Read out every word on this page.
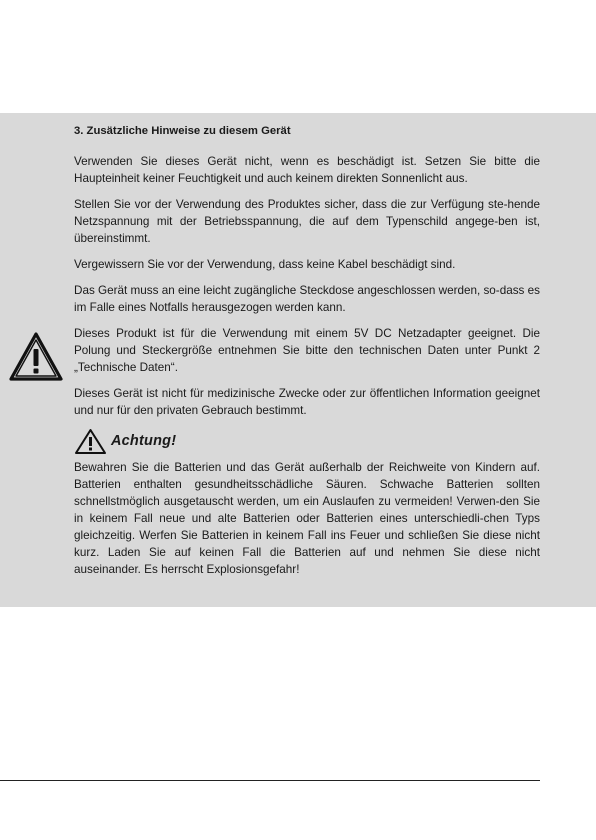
3. Zusätzliche Hinweise zu diesem Gerät

Verwenden Sie dieses Gerät nicht, wenn es beschädigt ist. Setzen Sie bitte die Haupteinheit keiner Feuchtigkeit und auch keinem direkten Sonnenlicht aus.

Stellen Sie vor der Verwendung des Produktes sicher, dass die zur Verfügung ste-hende Netzspannung mit der Betriebsspannung, die auf dem Typenschild angege-ben ist, übereinstimmt.

Vergewissern Sie vor der Verwendung, dass keine Kabel beschädigt sind.

Das Gerät muss an eine leicht zugängliche Steckdose angeschlossen werden, so-dass es im Falle eines Notfalls herausgezogen werden kann.

Dieses Produkt ist für die Verwendung mit einem 5V DC Netzadapter geeignet. Die Polung und Steckergröße entnehmen Sie bitte den technischen Daten unter Punkt 2 „Technische Daten“.

Dieses Gerät ist nicht für medizinische Zwecke oder zur öffentlichen Information geeignet und nur für den privaten Gebrauch bestimmt.

Achtung!

Bewahren Sie die Batterien und das Gerät außerhalb der Reichweite von Kindern auf. Batterien enthalten gesundheitsschädliche Säuren. Schwache Batterien sollten schnellstmöglich ausgetauscht werden, um ein Auslaufen zu vermeiden! Verwen-den Sie in keinem Fall neue und alte Batterien oder Batterien eines unterschiedli-chen Typs gleichzeitig. Werfen Sie Batterien in keinem Fall ins Feuer und schließen Sie diese nicht kurz. Laden Sie auf keinen Fall die Batterien auf und nehmen Sie diese nicht auseinander. Es herrscht Explosionsgefahr!
